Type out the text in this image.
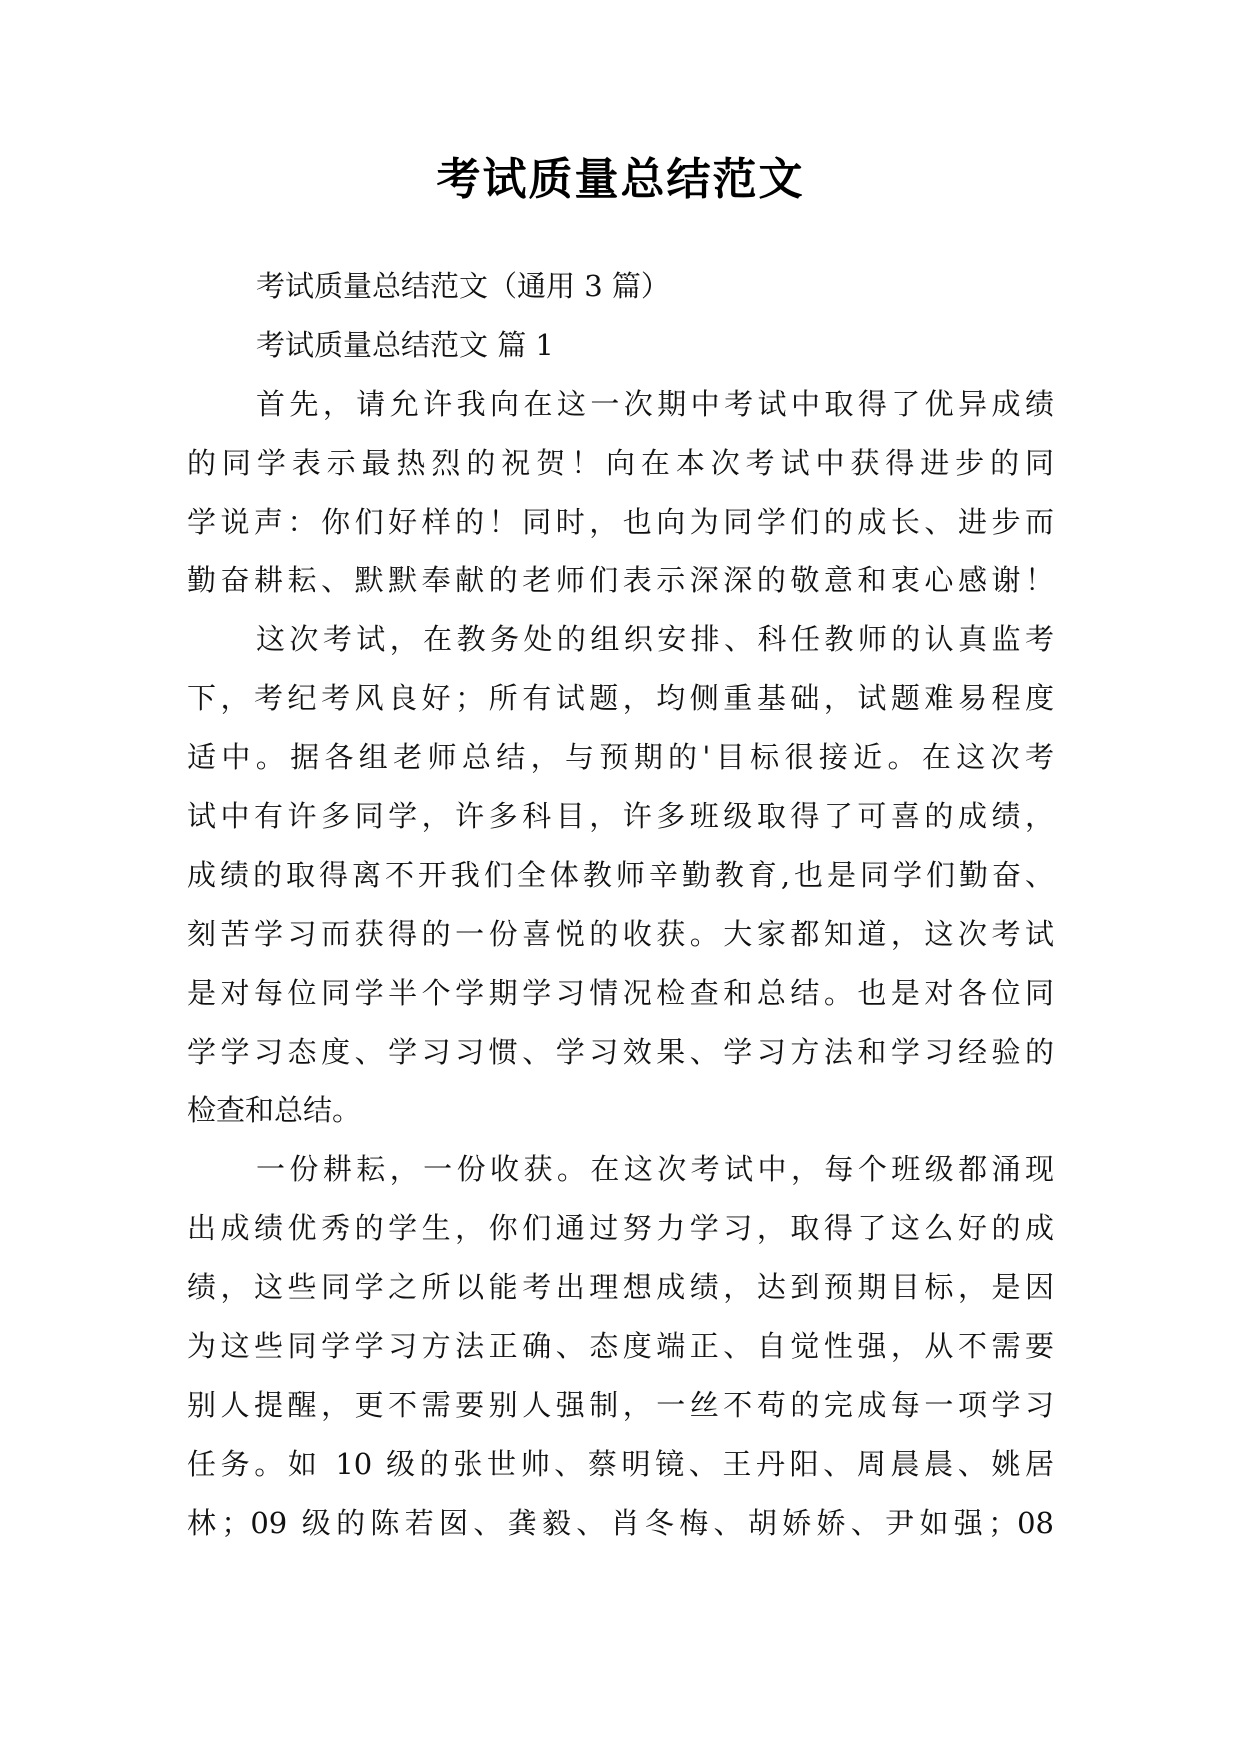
考试质量总结范文
考试质量总结范文（通用 3 篇）
考试质量总结范文 篇 1
首先，请允许我向在这一次期中考试中取得了优异成绩
的同学表示最热烈的祝贺！向在本次考试中获得进步的同
学说声：你们好样的！同时，也向为同学们的成长、进步而
勤奋耕耘、默默奉献的老师们表示深深的敬意和衷心感谢！
这次考试，在教务处的组织安排、科任教师的认真监考
下，考纪考风良好；所有试题，均侧重基础，试题难易程度
适中。据各组老师总结，与预期的'目标很接近。在这次考
试中有许多同学，许多科目，许多班级取得了可喜的成绩，
成绩的取得离不开我们全体教师辛勤教育,也是同学们勤奋、
刻苦学习而获得的一份喜悦的收获。大家都知道，这次考试
是对每位同学半个学期学习情况检查和总结。也是对各位同
学学习态度、学习习惯、学习效果、学习方法和学习经验的
检查和总结。
一份耕耘，一份收获。在这次考试中，每个班级都涌现
出成绩优秀的学生，你们通过努力学习，取得了这么好的成
绩，这些同学之所以能考出理想成绩，达到预期目标，是因
为这些同学学习方法正确、态度端正、自觉性强，从不需要
别人提醒，更不需要别人强制，一丝不苟的完成每一项学习
任务。如 10 级的张世帅、蔡明镜、王丹阳、周晨晨、姚居
林；09 级的陈若囡、龚毅、肖冬梅、胡娇娇、尹如强；08
